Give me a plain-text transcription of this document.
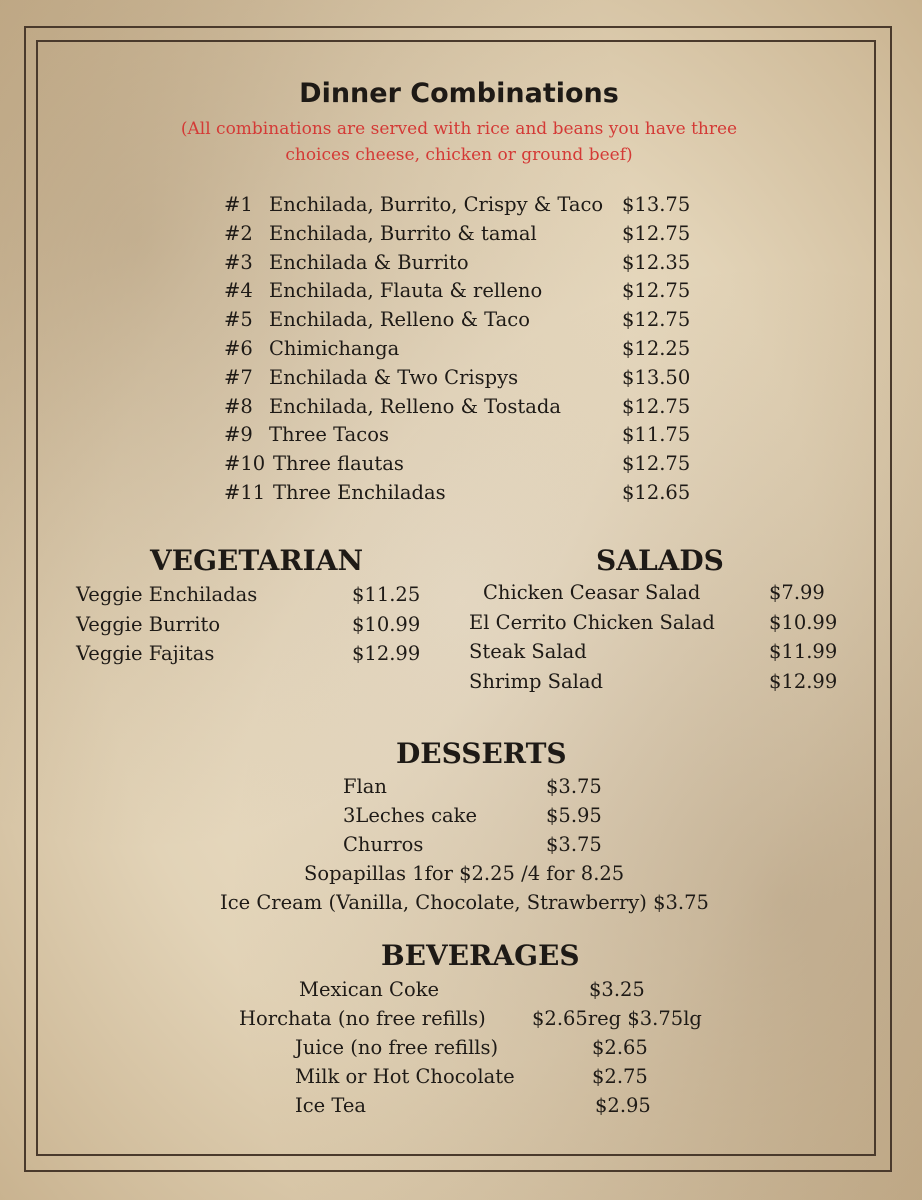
Dinner Combinations
(All combinations are served with rice and beans you have three
choices cheese, chicken or ground beef)
#1 Enchilada, Burrito, Crispy & Taco $13.75
#2 Enchilada, Burrito & tamal	$12.75
#3 Enchilada & Burrito	$12.35
#4 Enchilada, Flauta & relleno	$12.75
#5 Enchilada, Relleno & Taco	$12.75
#6 Chimichanga	$12.25
#7 Enchilada & Two Crispys	$13.50
#8 Enchilada, Relleno & Tostada	$12.75
#9 Three Tacos	$11.75
#10 Three flautas	$12.75
#11 Three Enchiladas	$12.65
VEGETARIAN
Veggie Enchiladas	$11.25
Veggie Burrito	$10.99
Veggie Fajitas	$12.99
SALADS
Chicken Ceasar Salad	$7.99
El Cerrito Chicken Salad	$10.99
Steak Salad	$11.99
Shrimp Salad	$12.99
DESSERTS
Flan	$3.75
3Leches cake	$5.95
Churros	$3.75
Sopapillas 1for $2.25 /4 for 8.25
Ice Cream (Vanilla, Chocolate, Strawberry) $3.75
BEVERAGES
Mexican Coke	$3.25
Horchata (no free refills) $2.65reg $3.75lg
Juice (no free refills)	$2.65
Milk or Hot Chocolate	$2.75
Ice Tea	$2.95
